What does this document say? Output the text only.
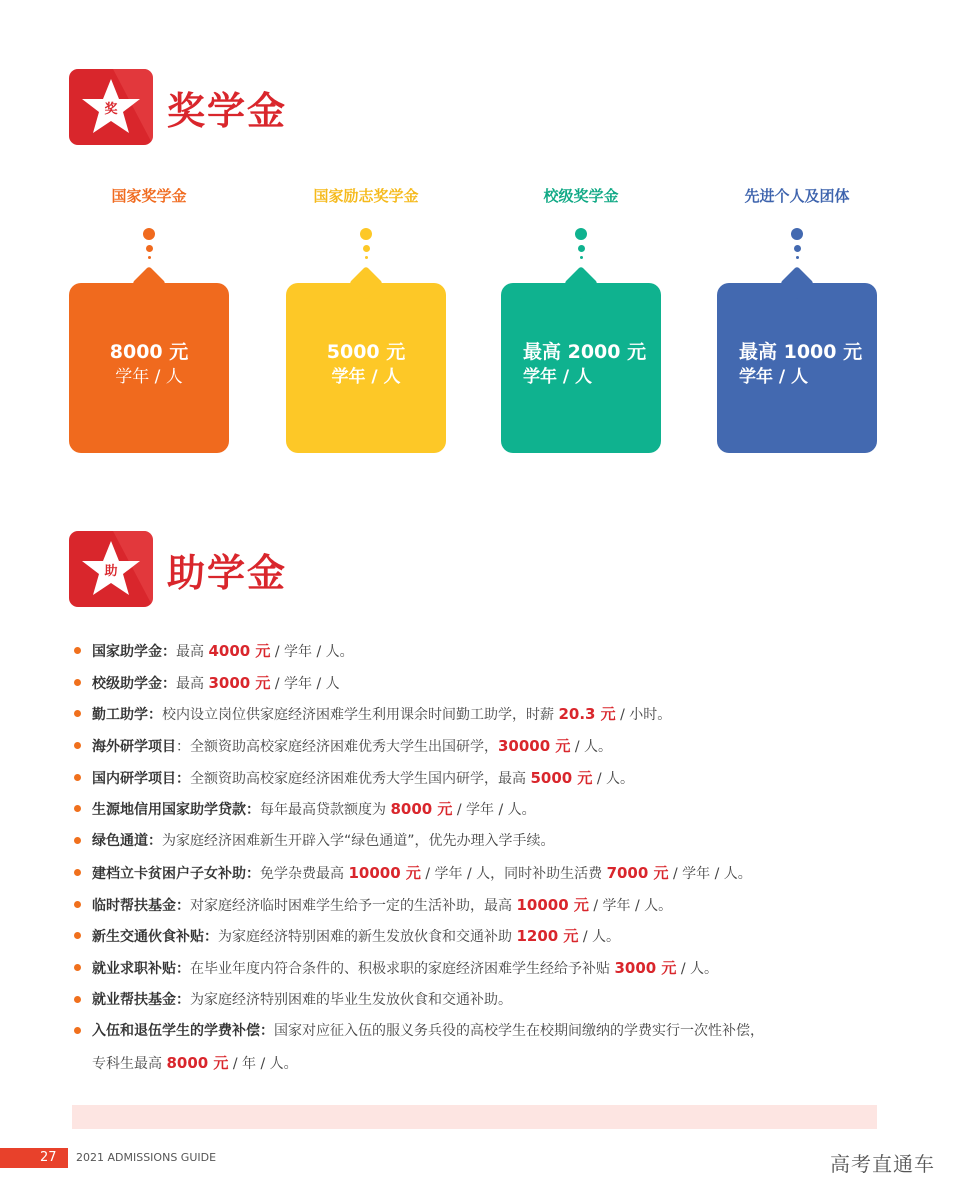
奖	奖学金
国家奖学金
8000 元
学年 / 人
国家励志奖学金
5000 元
学年 / 人
校级奖学金
最高 2000 元
学年 / 人
先进个人及团体
最高 1000 元
学年 / 人
助	助学金
国家助学金：最高 4000 元 / 学年 / 人。
校级助学金：最高 3000 元 / 学年 / 人
勤工助学：校内设立岗位供家庭经济困难学生利用课余时间勤工助学，时薪 20.3 元 / 小时。
海外研学项目：全额资助高校家庭经济困难优秀大学生出国研学，30000 元 / 人。
国内研学项目：全额资助高校家庭经济困难优秀大学生国内研学，最高 5000 元 / 人。
生源地信用国家助学贷款：每年最高贷款额度为 8000 元 / 学年 / 人。
绿色通道：为家庭经济困难新生开辟入学“绿色通道”，优先办理入学手续。
建档立卡贫困户子女补助：免学杂费最高 10000 元 / 学年 / 人，同时补助生活费 7000 元 / 学年 / 人。
临时帮扶基金：对家庭经济临时困难学生给予一定的生活补助，最高 10000 元 / 学年 / 人。
新生交通伙食补贴：为家庭经济特别困难的新生发放伙食和交通补助 1200 元 / 人。
就业求职补贴：在毕业年度内符合条件的、积极求职的家庭经济困难学生经给予补贴 3000 元 / 人。
就业帮扶基金：为家庭经济特别困难的毕业生发放伙食和交通补助。
入伍和退伍学生的学费补偿：国家对应征入伍的服义务兵役的高校学生在校期间缴纳的学费实行一次性补偿，
专科生最高 8000 元 / 年 / 人。
27 2021 ADMISSIONS GUIDE	高考直通车
